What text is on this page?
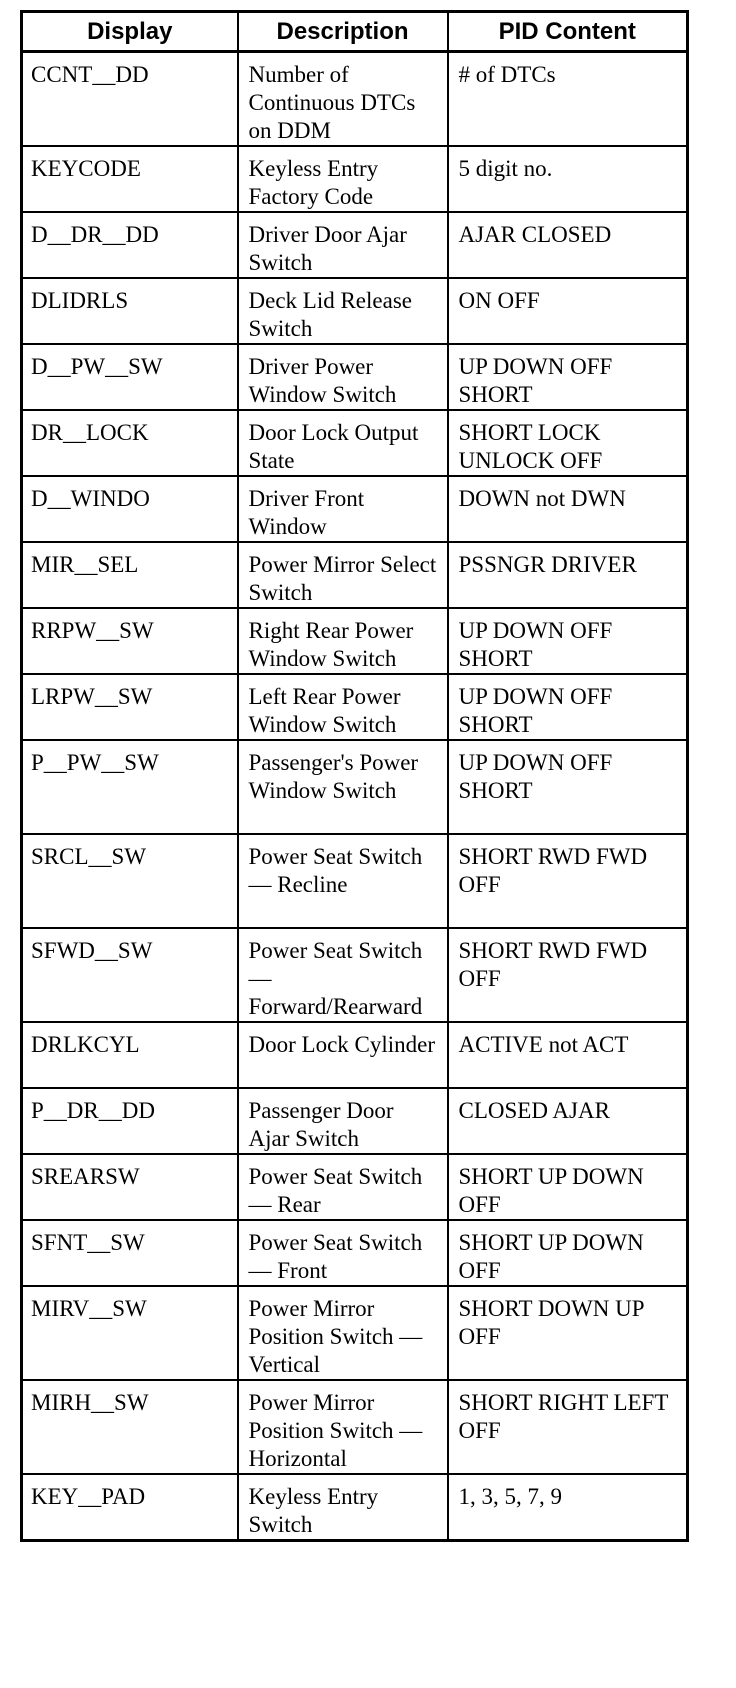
Display	Description	PID Content
CCNT__DD	Number of Continuous DTCs on DDM	# of DTCs
KEYCODE	Keyless Entry Factory Code	5 digit no.
D__DR__DD	Driver Door Ajar Switch	AJAR CLOSED
DLIDRLS	Deck Lid Release Switch	ON OFF
D__PW__SW	Driver Power Window Switch	UP DOWN OFF SHORT
DR__LOCK	Door Lock Output State	SHORT LOCK UNLOCK OFF
D__WINDO	Driver Front Window	DOWN not DWN
MIR__SEL	Power Mirror Select Switch	PSSNGR DRIVER
RRPW__SW	Right Rear Power Window Switch	UP DOWN OFF SHORT
LRPW__SW	Left Rear Power Window Switch	UP DOWN OFF SHORT
P__PW__SW	Passenger's Power Window Switch	UP DOWN OFF SHORT
SRCL__SW	Power Seat Switch — Recline	SHORT RWD FWD OFF
SFWD__SW	Power Seat Switch — Forward/Rearward	SHORT RWD FWD OFF
DRLKCYL	Door Lock Cylinder	ACTIVE not ACT
P__DR__DD	Passenger Door Ajar Switch	CLOSED AJAR
SREARSW	Power Seat Switch — Rear	SHORT UP DOWN OFF
SFNT__SW	Power Seat Switch — Front	SHORT UP DOWN OFF
MIRV__SW	Power Mirror Position Switch — Vertical	SHORT DOWN UP OFF
MIRH__SW	Power Mirror Position Switch — Horizontal	SHORT RIGHT LEFT OFF
KEY__PAD	Keyless Entry Switch	1, 3, 5, 7, 9
